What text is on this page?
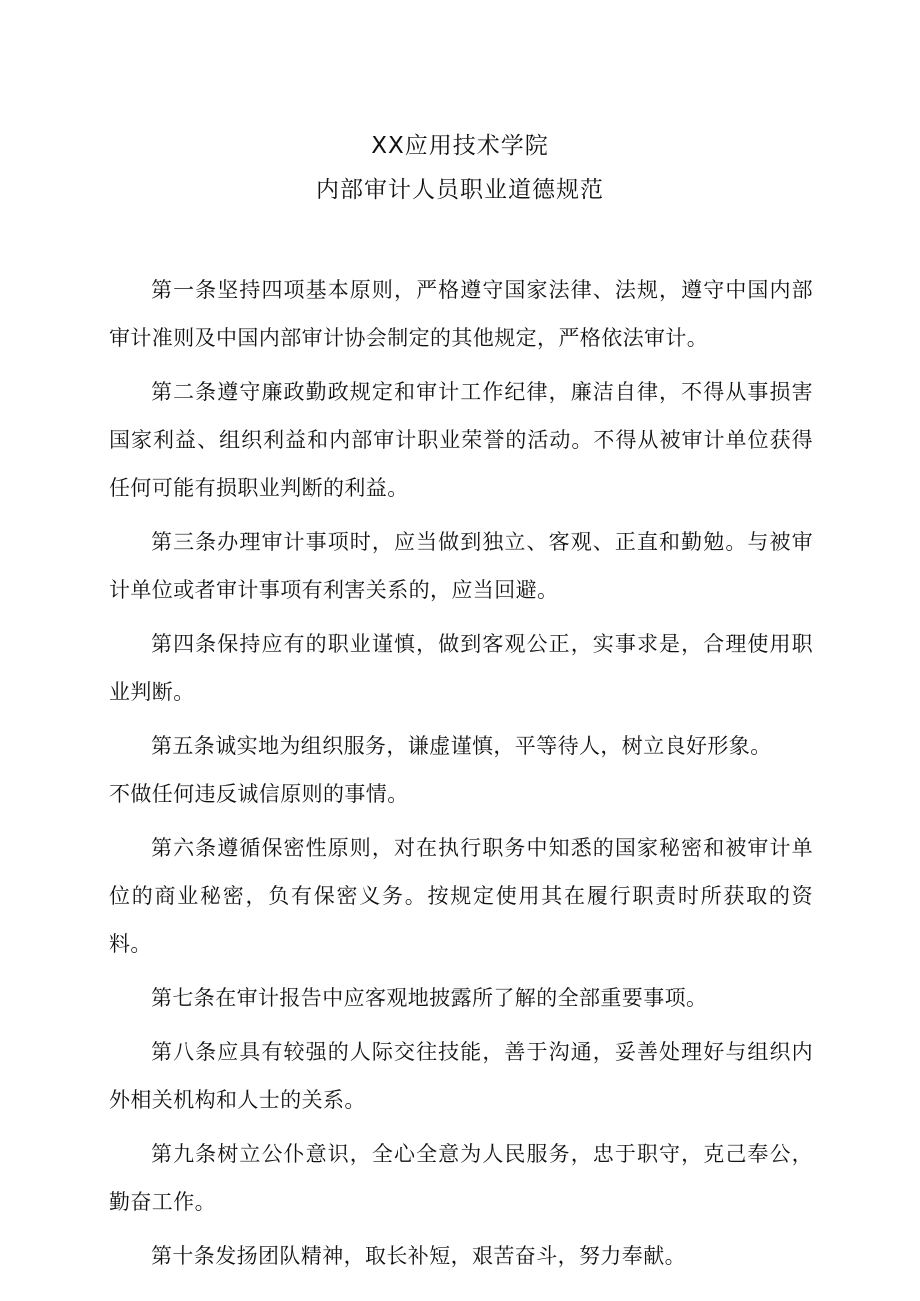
XX应用技术学院
内部审计人员职业道德规范

第一条坚持四项基本原则，严格遵守国家法律、法规，遵守中国内部审计准则及中国内部审计协会制定的其他规定，严格依法审计。

第二条遵守廉政勤政规定和审计工作纪律，廉洁自律，不得从事损害国家利益、组织利益和内部审计职业荣誉的活动。不得从被审计单位获得任何可能有损职业判断的利益。

第三条办理审计事项时，应当做到独立、客观、正直和勤勉。与被审计单位或者审计事项有利害关系的，应当回避。

第四条保持应有的职业谨慎，做到客观公正，实事求是，合理使用职业判断。

第五条诚实地为组织服务，谦虚谨慎，平等待人，树立良好形象。

不做任何违反诚信原则的事情。

第六条遵循保密性原则，对在执行职务中知悉的国家秘密和被审计单位的商业秘密，负有保密义务。按规定使用其在履行职责时所获取的资料。

第七条在审计报告中应客观地披露所了解的全部重要事项。

第八条应具有较强的人际交往技能，善于沟通，妥善处理好与组织内外相关机构和人士的关系。

第九条树立公仆意识，全心全意为人民服务，忠于职守，克己奉公，勤奋工作。

第十条发扬团队精神，取长补短，艰苦奋斗，努力奉献。
